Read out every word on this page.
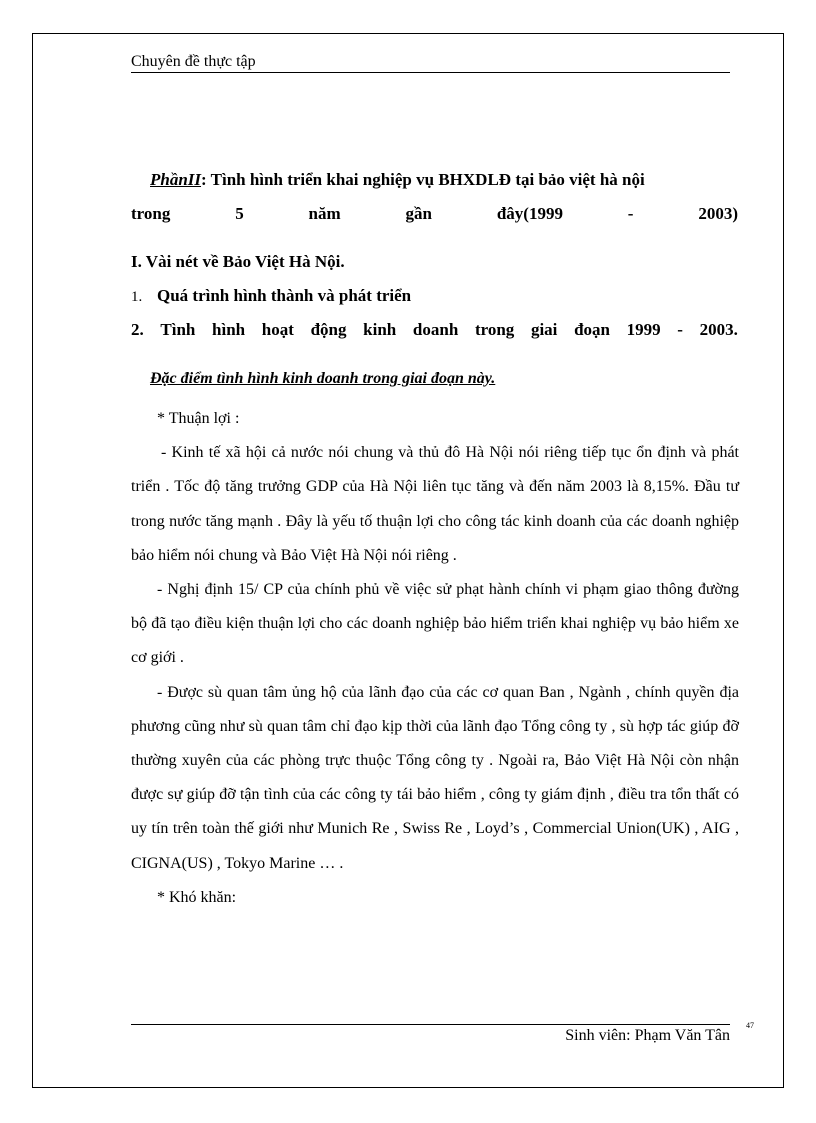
Chuyên đề thực tập
PhầnII: Tình hình triển khai nghiệp vụ BHXDLĐ tại bảo việt hà nội
trong	5	năm	gần	đây(1999	-	2003)
I. Vài nét về Bảo Việt Hà Nội.
1. Quá trình hình thành và phát triển
2. Tình hình hoạt động kinh doanh trong giai đoạn 1999 - 2003.
Đặc điểm tình hình kinh doanh trong giai đoạn này.

* Thuận lợi :

- Kinh tế xã hội cả nước nói chung và thủ đô Hà Nội nói riêng tiếp tục ổn định và phát triển . Tốc độ tăng trưởng GDP của Hà Nội liên tục tăng và đến năm 2003 là 8,15%. Đầu tư trong nước tăng mạnh . Đây là yếu tố thuận lợi cho công tác kinh doanh của các doanh nghiệp bảo hiểm nói chung và Bảo Việt Hà Nội nói riêng .

- Nghị định 15/ CP của chính phủ về việc sử phạt hành chính vi phạm giao thông đường bộ đã tạo điều kiện thuận lợi cho các doanh nghiệp bảo hiểm triển khai nghiệp vụ bảo hiểm xe cơ giới .

- Được sù quan tâm ủng hộ của lãnh đạo của các cơ quan Ban , Ngành , chính quyền địa phương cũng như sù quan tâm chỉ đạo kịp thời của lãnh đạo Tổng công ty , sù hợp tác giúp đỡ thường xuyên của các phòng trực thuộc Tổng công ty . Ngoài ra, Bảo Việt Hà Nội còn nhận được sự giúp đỡ tận tình của các công ty tái bảo hiểm , công ty giám định , điều tra tổn thất có uy tín trên toàn thế giới như Munich Re , Swiss Re , Loyd’s , Commercial Union(UK) , AIG , CIGNA(US) , Tokyo Marine … .

* Khó khăn:

Sinh viên: Phạm Văn Tân
47
